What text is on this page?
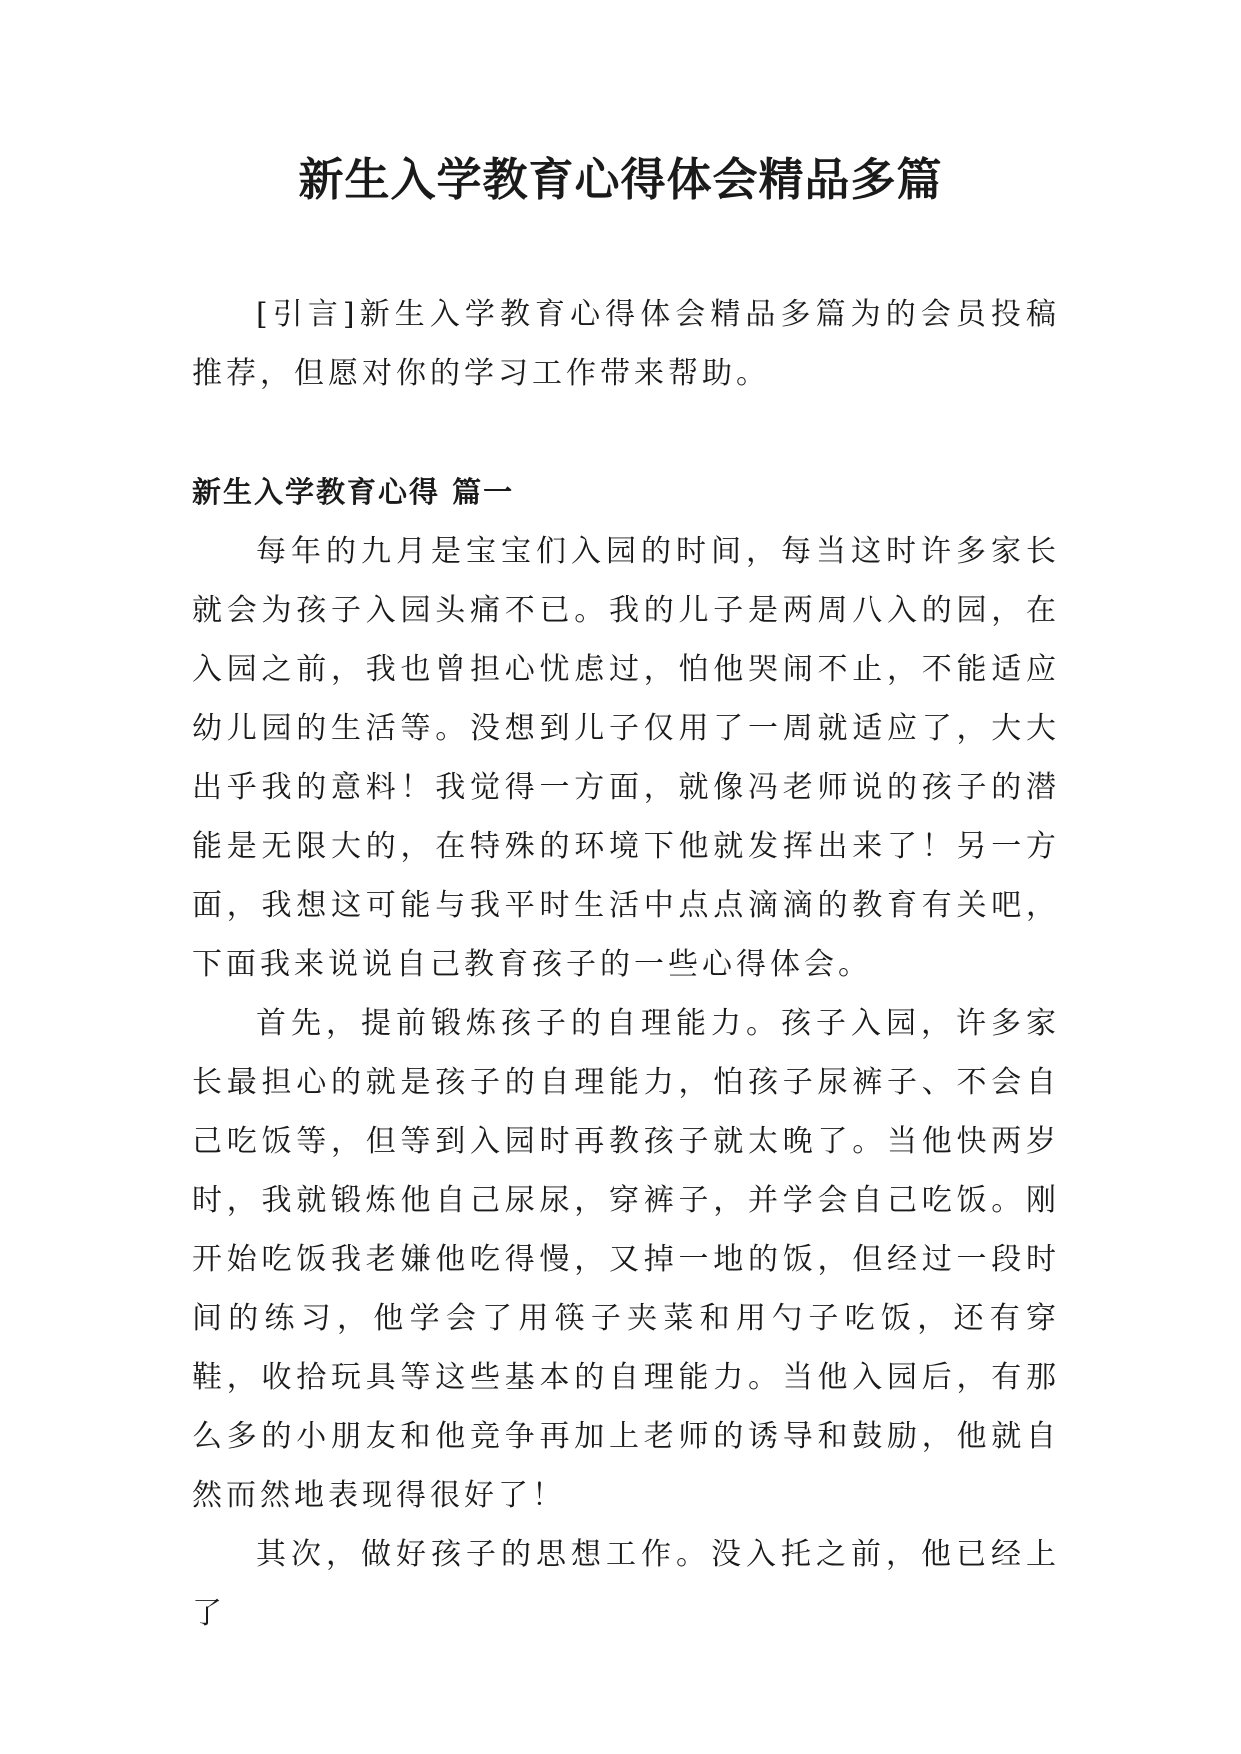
新生入学教育心得体会精品多篇

[引言]新生入学教育心得体会精品多篇为的会员投稿推荐，但愿对你的学习工作带来帮助。

新生入学教育心得 篇一

每年的九月是宝宝们入园的时间，每当这时许多家长就会为孩子入园头痛不已。我的儿子是两周八入的园，在入园之前，我也曾担心忧虑过，怕他哭闹不止，不能适应幼儿园的生活等。没想到儿子仅用了一周就适应了，大大出乎我的意料！我觉得一方面，就像冯老师说的孩子的潜能是无限大的，在特殊的环境下他就发挥出来了！另一方面，我想这可能与我平时生活中点点滴滴的教育有关吧，下面我来说说自己教育孩子的一些心得体会。

首先，提前锻炼孩子的自理能力。孩子入园，许多家长最担心的就是孩子的自理能力，怕孩子尿裤子、不会自己吃饭等，但等到入园时再教孩子就太晚了。当他快两岁时，我就锻炼他自己尿尿，穿裤子，并学会自己吃饭。刚开始吃饭我老嫌他吃得慢，又掉一地的饭，但经过一段时间的练习，他学会了用筷子夹菜和用勺子吃饭，还有穿鞋，收拾玩具等这些基本的自理能力。当他入园后，有那么多的小朋友和他竞争再加上老师的诱导和鼓励，他就自然而然地表现得很好了！

其次，做好孩子的思想工作。没入托之前，他已经上了
